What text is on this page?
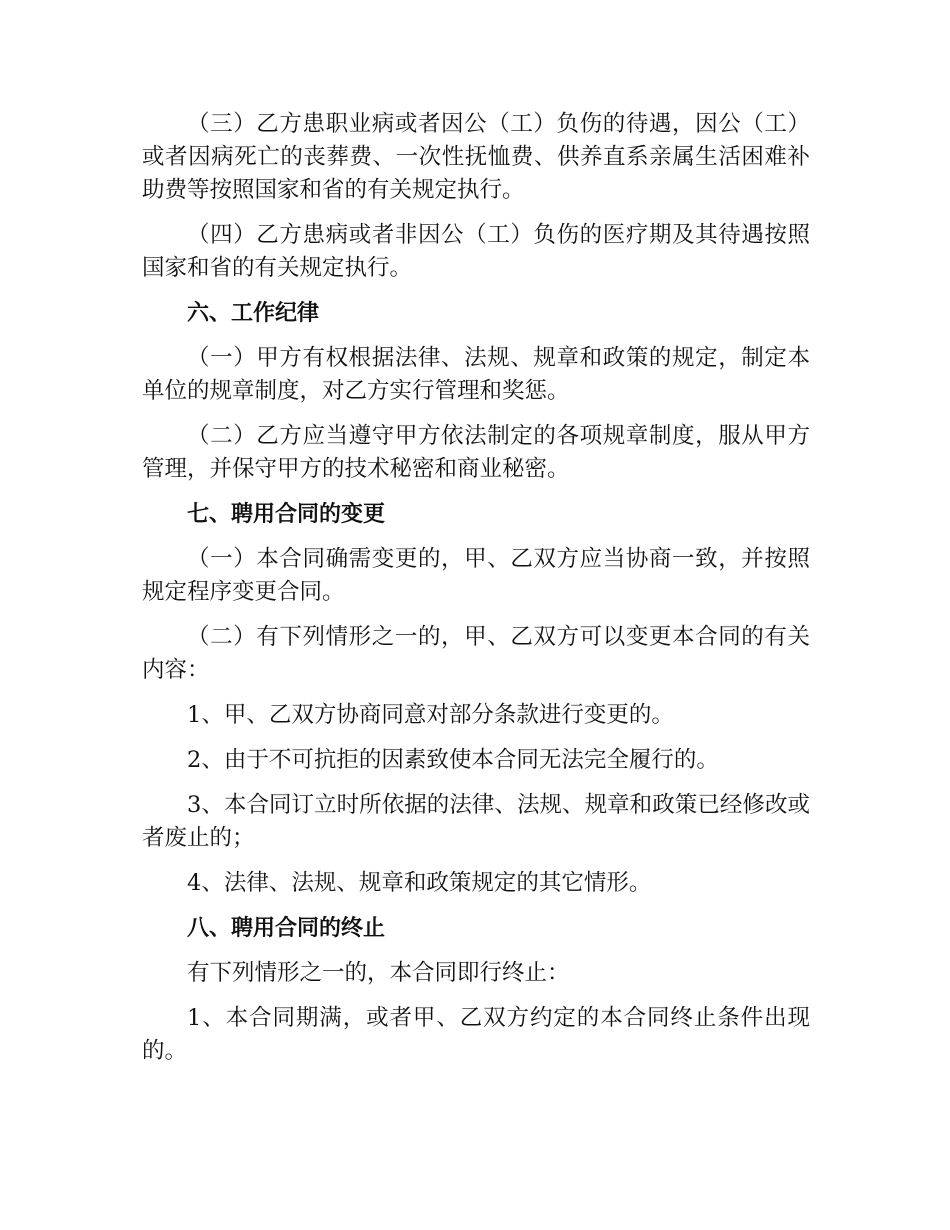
（三）乙方患职业病或者因公（工）负伤的待遇，因公（工）或者因病死亡的丧葬费、一次性抚恤费、供养直系亲属生活困难补助费等按照国家和省的有关规定执行。

（四）乙方患病或者非因公（工）负伤的医疗期及其待遇按照国家和省的有关规定执行。

六、工作纪律

（一）甲方有权根据法律、法规、规章和政策的规定，制定本单位的规章制度，对乙方实行管理和奖惩。

（二）乙方应当遵守甲方依法制定的各项规章制度，服从甲方管理，并保守甲方的技术秘密和商业秘密。

七、聘用合同的变更

（一）本合同确需变更的，甲、乙双方应当协商一致，并按照规定程序变更合同。

（二）有下列情形之一的，甲、乙双方可以变更本合同的有关内容：

1、甲、乙双方协商同意对部分条款进行变更的。

2、由于不可抗拒的因素致使本合同无法完全履行的。

3、本合同订立时所依据的法律、法规、规章和政策已经修改或者废止的；

4、法律、法规、规章和政策规定的其它情形。

八、聘用合同的终止

有下列情形之一的，本合同即行终止：

1、本合同期满，或者甲、乙双方约定的本合同终止条件出现的。
